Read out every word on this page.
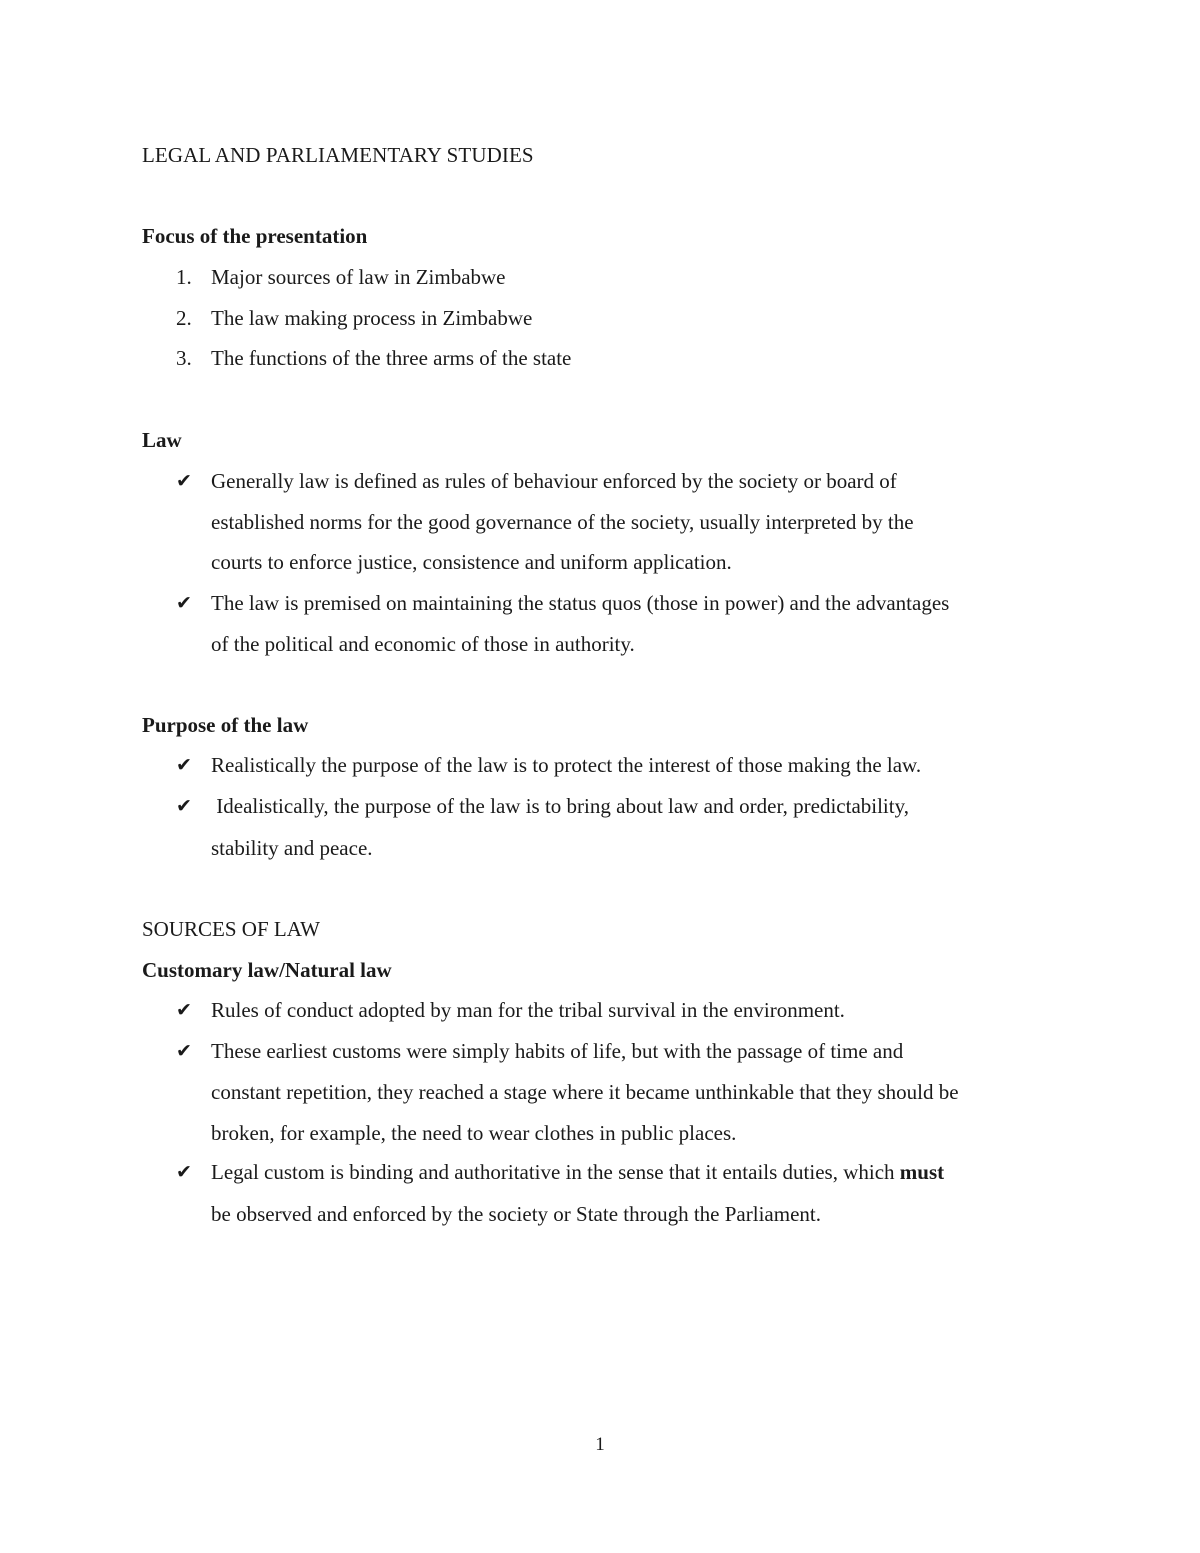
LEGAL AND PARLIAMENTARY STUDIES
Focus of the presentation
1. Major sources of law in Zimbabwe
2. The law making process in Zimbabwe
3. The functions of the three arms of the state
Law
✔ Generally law is defined as rules of behaviour enforced by the society or board of
established norms for the good governance of the society, usually interpreted by the
courts to enforce justice, consistence and uniform application.
✔ The law is premised on maintaining the status quos (those in power) and the advantages
of the political and economic of those in authority.
Purpose of the law
✔ Realistically the purpose of the law is to protect the interest of those making the law.
✔ Idealistically, the purpose of the law is to bring about law and order, predictability,
stability and peace.
SOURCES OF LAW
Customary law/Natural law
✔ Rules of conduct adopted by man for the tribal survival in the environment.
✔ These earliest customs were simply habits of life, but with the passage of time and
constant repetition, they reached a stage where it became unthinkable that they should be
broken, for example, the need to wear clothes in public places.
✔ Legal custom is binding and authoritative in the sense that it entails duties, which must
be observed and enforced by the society or State through the Parliament.
1
